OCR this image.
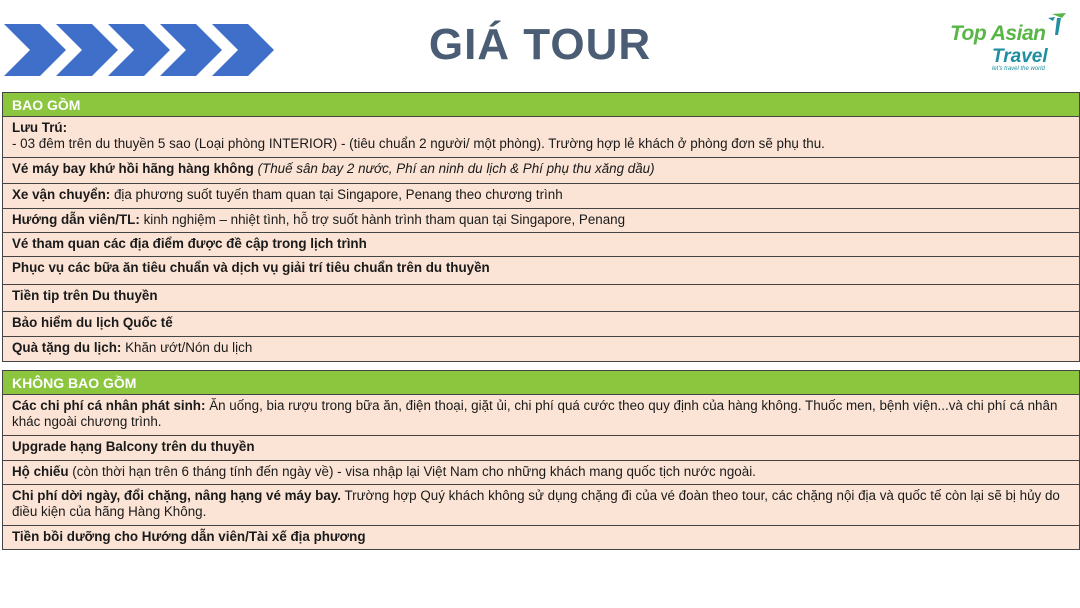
GIÁ TOUR	Top Asian
Travel
let's travel the world
BAO GỒM
Lưu Trú:
- 03 đêm trên du thuyền 5 sao (Loại phòng INTERIOR) - (tiêu chuẩn 2 người/ một phòng). Trường hợp lẻ khách ở phòng đơn sẽ phụ thu.
Vé máy bay khứ hồi hãng hàng không (Thuế sân bay 2 nước, Phí an ninh du lịch & Phí phụ thu xăng dầu)
Xe vận chuyển: địa phương suốt tuyến tham quan tại Singapore, Penang theo chương trình
Hướng dẫn viên/TL: kinh nghiệm – nhiệt tình, hỗ trợ suốt hành trình tham quan tại Singapore, Penang
Vé tham quan các địa điểm được đề cập trong lịch trình
Phục vụ các bữa ăn tiêu chuẩn và dịch vụ giải trí tiêu chuẩn trên du thuyền
Tiền tip trên Du thuyền
Bảo hiểm du lịch Quốc tế
Quà tặng du lịch: Khăn ướt/Nón du lịch
KHÔNG BAO GỒM
Các chi phí cá nhân phát sinh: Ăn uống, bia rượu trong bữa ăn, điện thoại, giặt ủi, chi phí quá cước theo quy định của hàng không. Thuốc men, bệnh viện...và chi phí cá nhân khác ngoài chương trình.
Upgrade hạng Balcony trên du thuyền
Hộ chiếu (còn thời hạn trên 6 tháng tính đến ngày về) - visa nhập lại Việt Nam cho những khách mang quốc tịch nước ngoài.
Chi phí dời ngày, đổi chặng, nâng hạng vé máy bay. Trường hợp Quý khách không sử dụng chặng đi của vé đoàn theo tour, các chặng nội địa và quốc tế còn lại sẽ bị hủy do điều kiện của hãng Hàng Không.
Tiền bồi dưỡng cho Hướng dẫn viên/Tài xế địa phương
